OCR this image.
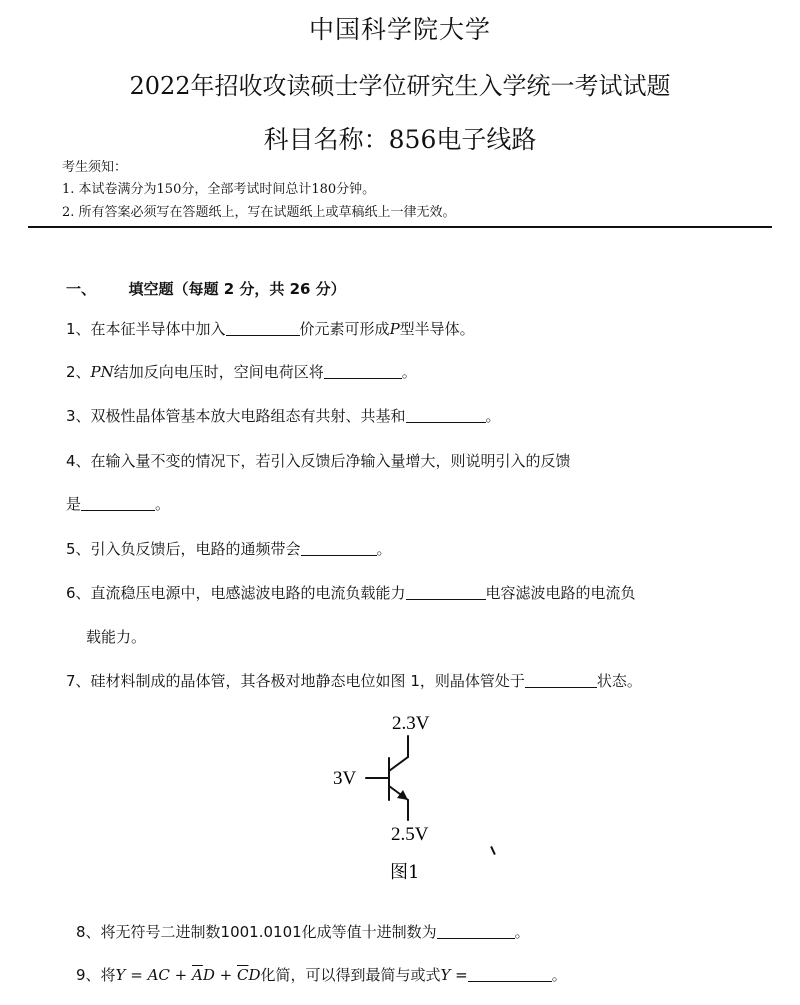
中国科学院大学
2022年招收攻读硕士学位研究生入学统一考试试题
科目名称：856电子线路
考生须知：
1. 本试卷满分为150分，全部考试时间总计180分钟。
2. 所有答案必须写在答题纸上，写在试题纸上或草稿纸上一律无效。
一、 填空题（每题 2 分，共 26 分）
1、在本征半导体中加入	价元素可形成P型半导体。
2、PN结加反向电压时，空间电荷区将	。
3、双极性晶体管基本放大电路组态有共射、共基和	。
4、在输入量不变的情况下，若引入反馈后净输入量增大，则说明引入的反馈
是	。
5、引入负反馈后，电路的通频带会	。
6、直流稳压电源中，电感滤波电路的电流负载能力	电容滤波电路的电流负
载能力。
7、硅材料制成的晶体管，其各极对地静态电位如图 1，则晶体管处于	状态。
2.3V
3V
2.5V
图1
8、将无符号二进制数1001.0101化成等值十进制数为	。
9、将Y = AC + $\overline{A}D + \overline{C}D$化简，可以得到最简与或式Y =	。
